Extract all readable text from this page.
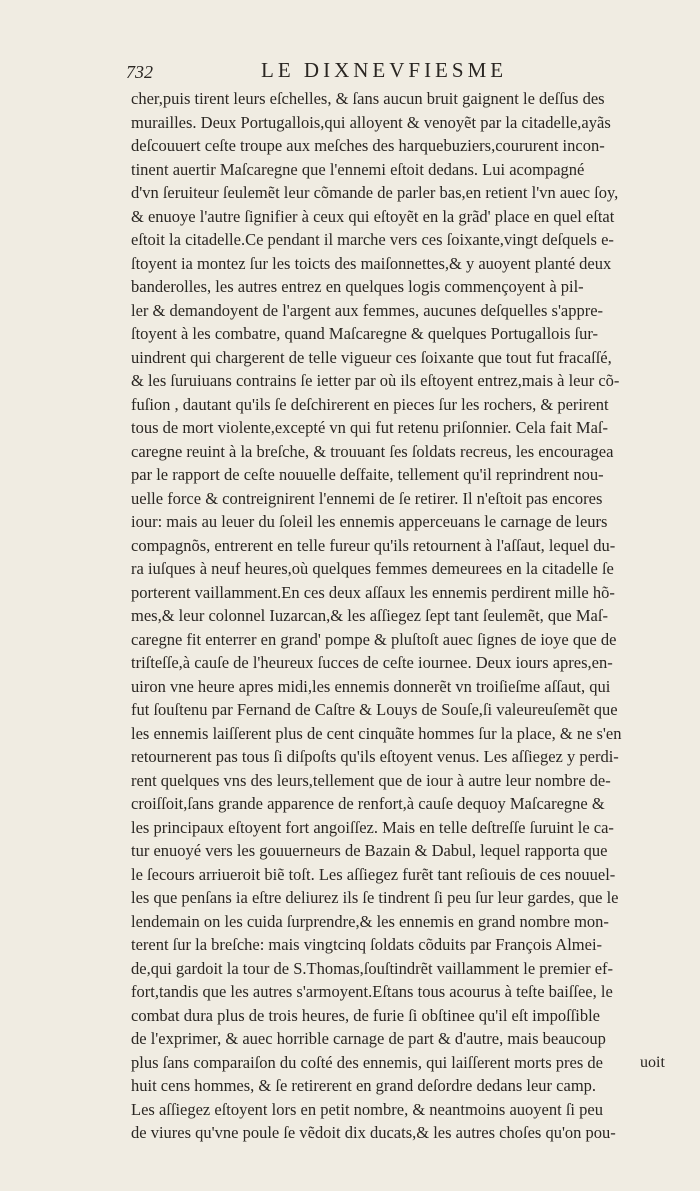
732	LE DIXNEVFIESME
cher,puis tirent leurs eſchelles, & ſans aucun bruit gaignent le deſſus des
murailles. Deux Portugallois,qui alloyent & venoyẽt par la citadelle,ayãs
deſcouuert ceſte troupe aux meſches des harquebuziers,coururent incon-
tinent auertir Maſcaregne que l'ennemi eſtoit dedans. Lui acompagné
d'vn ſeruiteur ſeulemẽt leur cõmande de parler bas,en retient l'vn auec ſoy,
& enuoye l'autre ſignifier à ceux qui eſtoyẽt en la grãd' place en quel eſtat
eſtoit la citadelle.Ce pendant il marche vers ces ſoixante,vingt deſquels e-
ſtoyent ia montez ſur les toicts des maiſonnettes,& y auoyent planté deux
banderolles, les autres entrez en quelques logis commençoyent à pil-
ler & demandoyent de l'argent aux femmes, aucunes deſquelles s'appre-
ſtoyent à les combatre, quand Maſcaregne & quelques Portugallois ſur-
uindrent qui chargerent de telle vigueur ces ſoixante que tout fut fracaſſé,
& les ſuruiuans contrains ſe ietter par où ils eſtoyent entrez,mais à leur cõ-
fuſion , dautant qu'ils ſe deſchirerent en pieces ſur les rochers, & perirent
tous de mort violente,excepté vn qui fut retenu priſonnier. Cela fait Maſ-
caregne reuint à la breſche, & trouuant ſes ſoldats recreus, les encouragea
par le rapport de ceſte nouuelle deſfaite, tellement qu'il reprindrent nou-
uelle force & contreignirent l'ennemi de ſe retirer. Il n'eſtoit pas encores
iour: mais au leuer du ſoleil les ennemis apperceuans le carnage de leurs
compagnõs, entrerent en telle fureur qu'ils retournent à l'aſſaut, lequel du-
ra iuſques à neuf heures,où quelques femmes demeurees en la citadelle ſe
porterent vaillamment.En ces deux aſſaux les ennemis perdirent mille hõ-
mes,& leur colonnel Iuzarcan,& les aſſiegez ſept tant ſeulemẽt, que Maſ-
caregne fit enterrer en grand' pompe & pluſtoſt auec ſignes de ioye que de
triſteſſe,à cauſe de l'heureux ſucces de ceſte iournee. Deux iours apres,en-
uiron vne heure apres midi,les ennemis donnerẽt vn troiſieſme aſſaut, qui
fut ſouſtenu par Fernand de Caſtre & Louys de Souſe,ſi valeureuſemẽt que
les ennemis laiſſerent plus de cent cinquãte hommes ſur la place, & ne s'en
retournerent pas tous ſi diſpoſts qu'ils eſtoyent venus. Les aſſiegez y perdi-
rent quelques vns des leurs,tellement que de iour à autre leur nombre de-
croiſſoit,ſans grande apparence de renfort,à cauſe dequoy Maſcaregne &
les principaux eſtoyent fort angoiſſez. Mais en telle deſtreſſe ſuruint le ca-
tur enuoyé vers les gouuerneurs de Bazain & Dabul, lequel rapporta que
le ſecours arriueroit biẽ toſt. Les aſſiegez furẽt tant reſiouis de ces nouuel-
les que penſans ia eſtre deliurez ils ſe tindrent ſi peu ſur leur gardes, que le
lendemain on les cuida ſurprendre,& les ennemis en grand nombre mon-
terent ſur la breſche: mais vingtcinq ſoldats cõduits par François Almei-
de,qui gardoit la tour de S.Thomas,ſouſtindrẽt vaillamment le premier ef-
fort,tandis que les autres s'armoyent.Eſtans tous acourus à teſte baiſſee, le
combat dura plus de trois heures, de furie ſi obſtinee qu'il eſt impoſſible
de l'exprimer, & auec horrible carnage de part & d'autre, mais beaucoup
plus ſans comparaiſon du coſté des ennemis, qui laiſſerent morts pres de
huit cens hommes, & ſe retirerent en grand deſordre dedans leur camp.
Les aſſiegez eſtoyent lors en petit nombre, & neantmoins auoyent ſi peu
de viures qu'vne poule ſe vẽdoit dix ducats,& les autres choſes qu'on pou-
uoit
